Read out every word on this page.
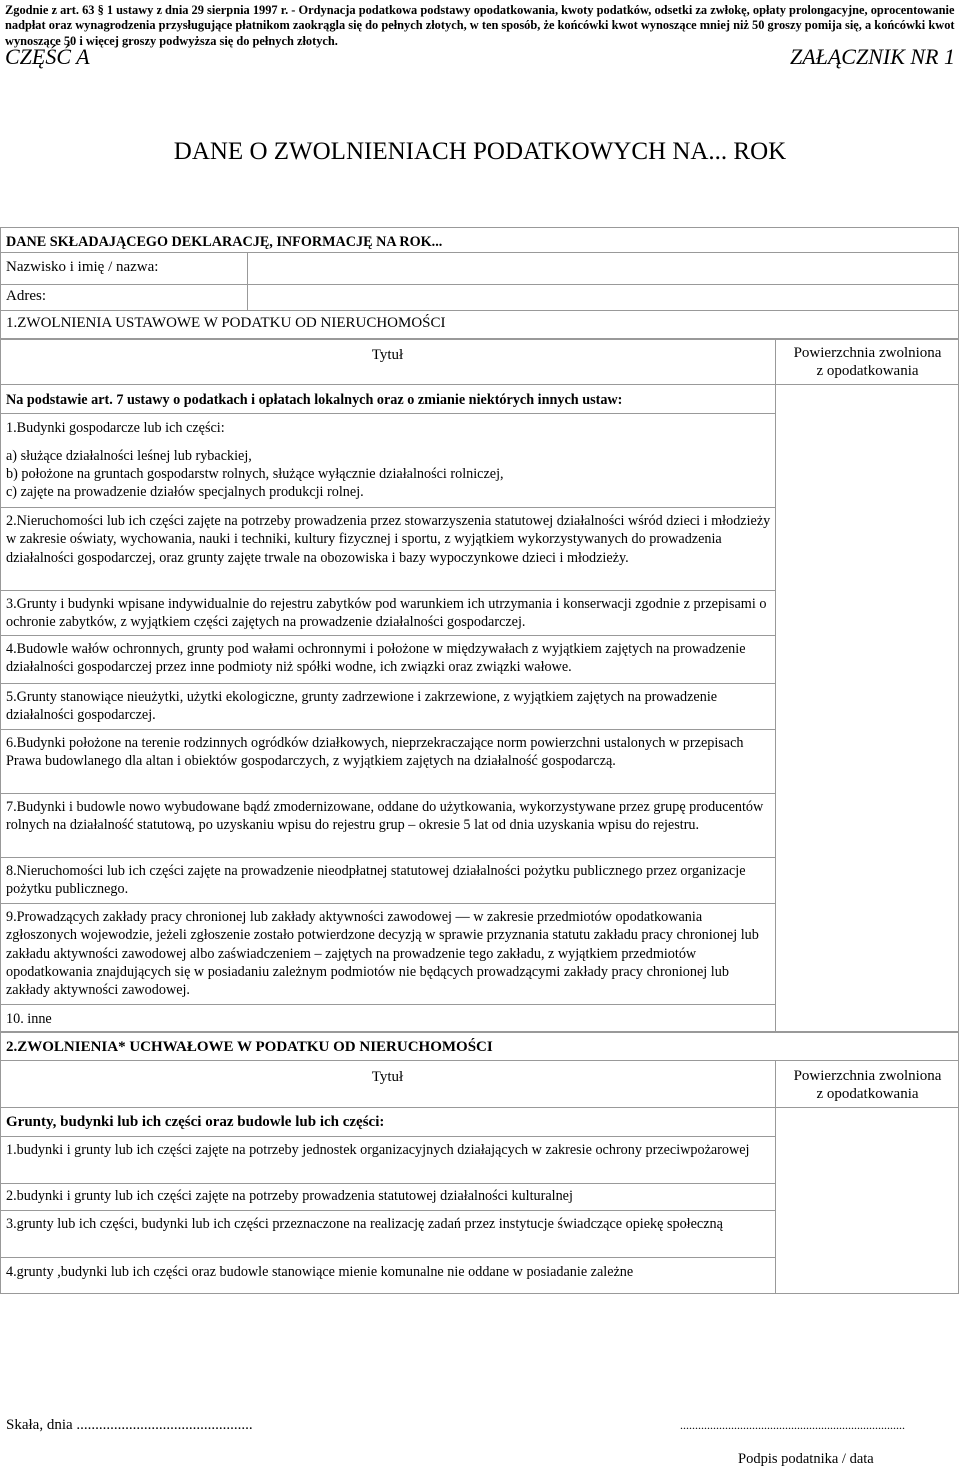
Zgodnie z art. 63 § 1 ustawy z dnia 29 sierpnia 1997 r. - Ordynacja podatkowa podstawy opodatkowania, kwoty podatków, odsetki za zwłokę, opłaty prolongacyjne, oprocentowanie nadpłat oraz wynagrodzenia przysługujące płatnikom zaokrągla się do pełnych złotych, w ten sposób, że końcówki kwot wynoszące mniej niż 50 groszy pomija się, a końcówki kwot wynoszące 50 i więcej groszy podwyższa się do pełnych złotych.
CZĘŚĆ A	ZAŁĄCZNIK NR 1
DANE O ZWOLNIENIACH PODATKOWYCH NA... ROK
DANE SKŁADAJĄCEGO DEKLARACJĘ, INFORMACJĘ NA ROK...
Nazwisko i imię / nazwa:
Adres:
1.ZWOLNIENIA USTAWOWE W PODATKU OD NIERUCHOMOŚCI
Tytuł	Powierzchnia zwolniona
z opodatkowania
Na podstawie art. 7 ustawy o podatkach i opłatach lokalnych oraz o zmianie niektórych innych ustaw:
1.Budynki gospodarcze lub ich części:
a) służące działalności leśnej lub rybackiej,
b) położone na gruntach gospodarstw rolnych, służące wyłącznie działalności rolniczej,
c) zajęte na prowadzenie działów specjalnych produkcji rolnej.
2.Nieruchomości lub ich części zajęte na potrzeby prowadzenia przez stowarzyszenia statutowej działalności wśród dzieci i młodzieży w zakresie oświaty, wychowania, nauki i techniki, kultury fizycznej i sportu, z wyjątkiem wykorzystywanych do prowadzenia działalności gospodarczej, oraz grunty zajęte trwale na obozowiska i bazy wypoczynkowe dzieci i młodzieży.
3.Grunty i budynki wpisane indywidualnie do rejestru zabytków pod warunkiem ich utrzymania i konserwacji zgodnie z przepisami o ochronie zabytków, z wyjątkiem części zajętych na prowadzenie działalności gospodarczej.
4.Budowle wałów ochronnych, grunty pod wałami ochronnymi i położone w międzywałach z wyjątkiem zajętych na prowadzenie działalności gospodarczej przez inne podmioty niż spółki wodne, ich związki oraz związki wałowe.
5.Grunty stanowiące nieużytki, użytki ekologiczne, grunty zadrzewione i zakrzewione, z wyjątkiem zajętych na prowadzenie działalności gospodarczej.
6.Budynki położone na terenie rodzinnych ogródków działkowych, nieprzekraczające norm powierzchni ustalonych w przepisach Prawa budowlanego dla altan i obiektów gospodarczych, z wyjątkiem zajętych na działalność gospodarczą.
7.Budynki i budowle nowo wybudowane bądź zmodernizowane, oddane do użytkowania, wykorzystywane przez grupę producentów rolnych na działalność statutową, po uzyskaniu wpisu do rejestru grup – okresie 5 lat od dnia uzyskania wpisu do rejestru.
8.Nieruchomości lub ich części zajęte na prowadzenie nieodpłatnej statutowej działalności pożytku publicznego przez organizacje pożytku publicznego.
9.Prowadzących zakłady pracy chronionej lub zakłady aktywności zawodowej — w zakresie przedmiotów opodatkowania zgłoszonych wojewodzie, jeżeli zgłoszenie zostało potwierdzone decyzją w sprawie przyznania statutu zakładu pracy chronionej lub zakładu aktywności zawodowej albo zaświadczeniem – zajętych na prowadzenie tego zakładu, z wyjątkiem przedmiotów opodatkowania znajdujących się w posiadaniu zależnym podmiotów nie będących prowadzącymi zakłady pracy chronionej lub zakłady aktywności zawodowej.
10. inne
2.ZWOLNIENIA* UCHWAŁOWE W PODATKU OD NIERUCHOMOŚCI
Tytuł	Powierzchnia zwolniona
z opodatkowania
Grunty, budynki lub ich części oraz budowle lub ich części:
1.budynki i grunty lub ich części zajęte na potrzeby jednostek organizacyjnych działających w zakresie ochrony przeciwpożarowej
2.budynki i grunty lub ich części zajęte na potrzeby prowadzenia statutowej działalności kulturalnej
3.grunty lub ich części, budynki lub ich części przeznaczone na realizację zadań przez instytucje świadczące opiekę społeczną
4.grunty ,budynki lub ich części oraz budowle stanowiące mienie komunalne nie oddane w posiadanie zależne
Skała, dnia ...............................................	...........................................................................
Podpis podatnika / data
